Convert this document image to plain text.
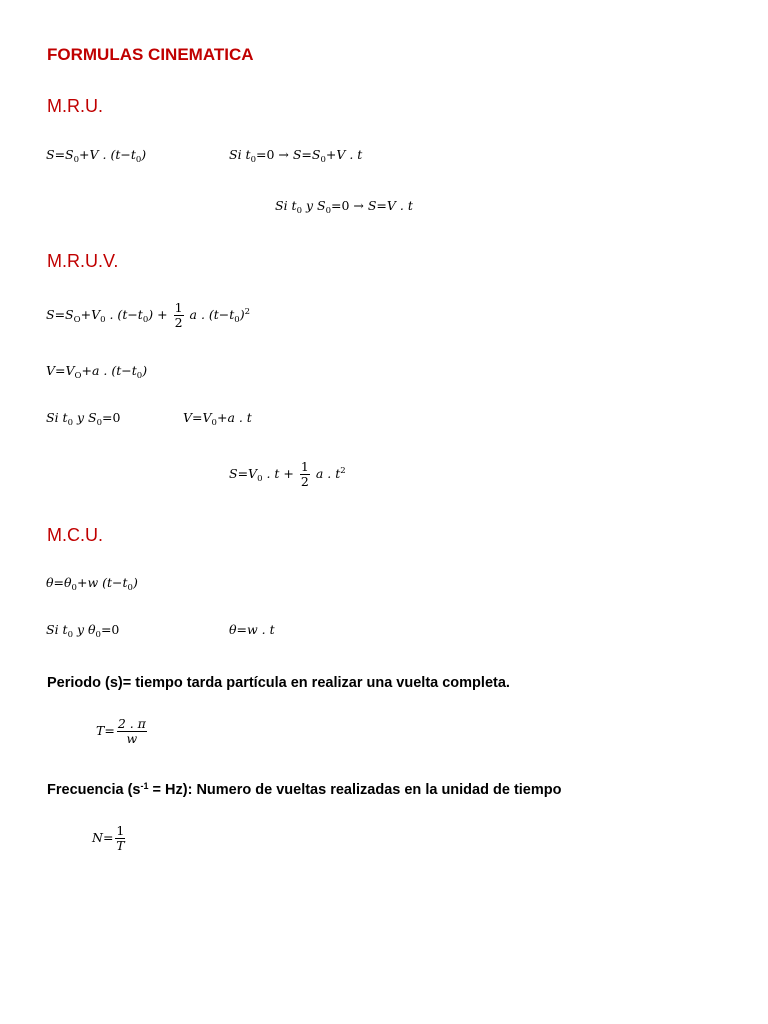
FORMULAS CINEMATICA
M.R.U.
$S=S_0+V$ . $(t-t_0)$	Si $t_0=0 \to S=S_0+V$ . t
Si $t_0$ y $S_0=0 \to S=V$ . t
M.R.U.V.
$S=S_O+V_0$ . $(t-t_0) + \frac{1}{2}$ a . $(t-t_0)^2$
$V=V_O+a$ . $(t-t_0)$
Si $t_0$ y $S_0=0$	$V=V_0+a$ . t
$S=V_0$ . $t + \frac{1}{2}$ a . $t^2$
M.C.U.
$\theta=\theta_0+w$ $(t-t_0)$
Si $t_0$ y $\theta_0=0$	θ=w . t
Periodo (s)= tiempo tarda partícula en realizar una vuelta completa.
$T= \frac{2 . \pi}{w}$
Frecuencia $(s^{-1} = Hz)$: Numero de vueltas realizadas en la unidad de tiempo
$N= \frac{1}{T}$
